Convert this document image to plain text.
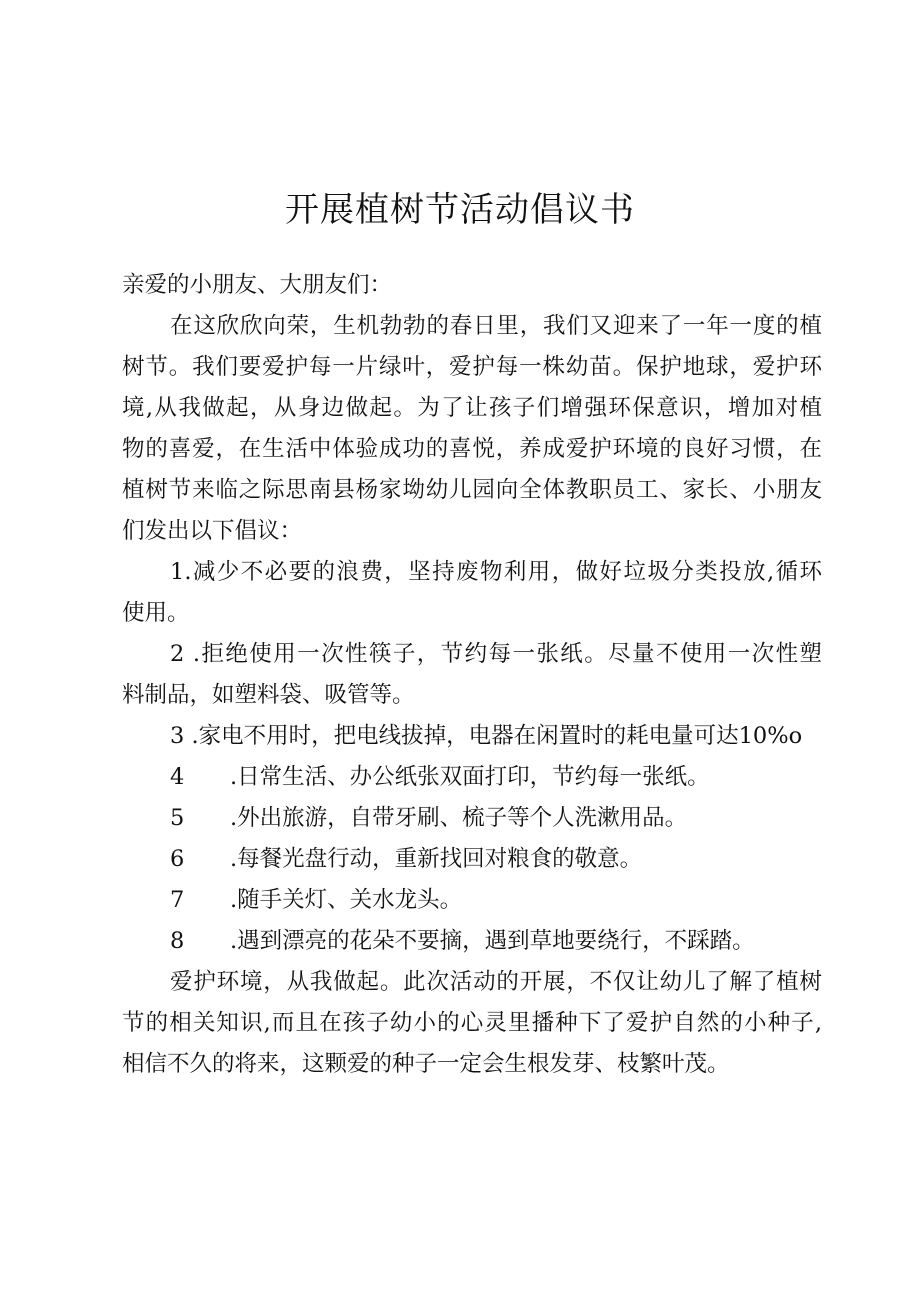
开展植树节活动倡议书
亲爱的小朋友、大朋友们：
在这欣欣向荣，生机勃勃的春日里，我们又迎来了一年一度的植
树节。我们要爱护每一片绿叶，爱护每一株幼苗。保护地球，爱护环
境,从我做起，从身边做起。为了让孩子们增强环保意识，增加对植
物的喜爱，在生活中体验成功的喜悦，养成爱护环境的良好习惯，在
植树节来临之际思南县杨家坳幼儿园向全体教职员工、家长、小朋友
们发出以下倡议：
1.减少不必要的浪费，坚持废物利用，做好垃圾分类投放,循环
使用。
2 .拒绝使用一次性筷子，节约每一张纸。尽量不使用一次性塑
料制品，如塑料袋、吸管等。
3 .家电不用时，把电线拔掉，电器在闲置时的耗电量可达10%o
4 .日常生活、办公纸张双面打印，节约每一张纸。
5 .外出旅游，自带牙刷、梳子等个人洗漱用品。
6 .每餐光盘行动，重新找回对粮食的敬意。
7 .随手关灯、关水龙头。
8 .遇到漂亮的花朵不要摘，遇到草地要绕行，不踩踏。
爱护环境，从我做起。此次活动的开展，不仅让幼儿了解了植树
节的相关知识,而且在孩子幼小的心灵里播种下了爱护自然的小种子,
相信不久的将来，这颗爱的种子一定会生根发芽、枝繁叶茂。
